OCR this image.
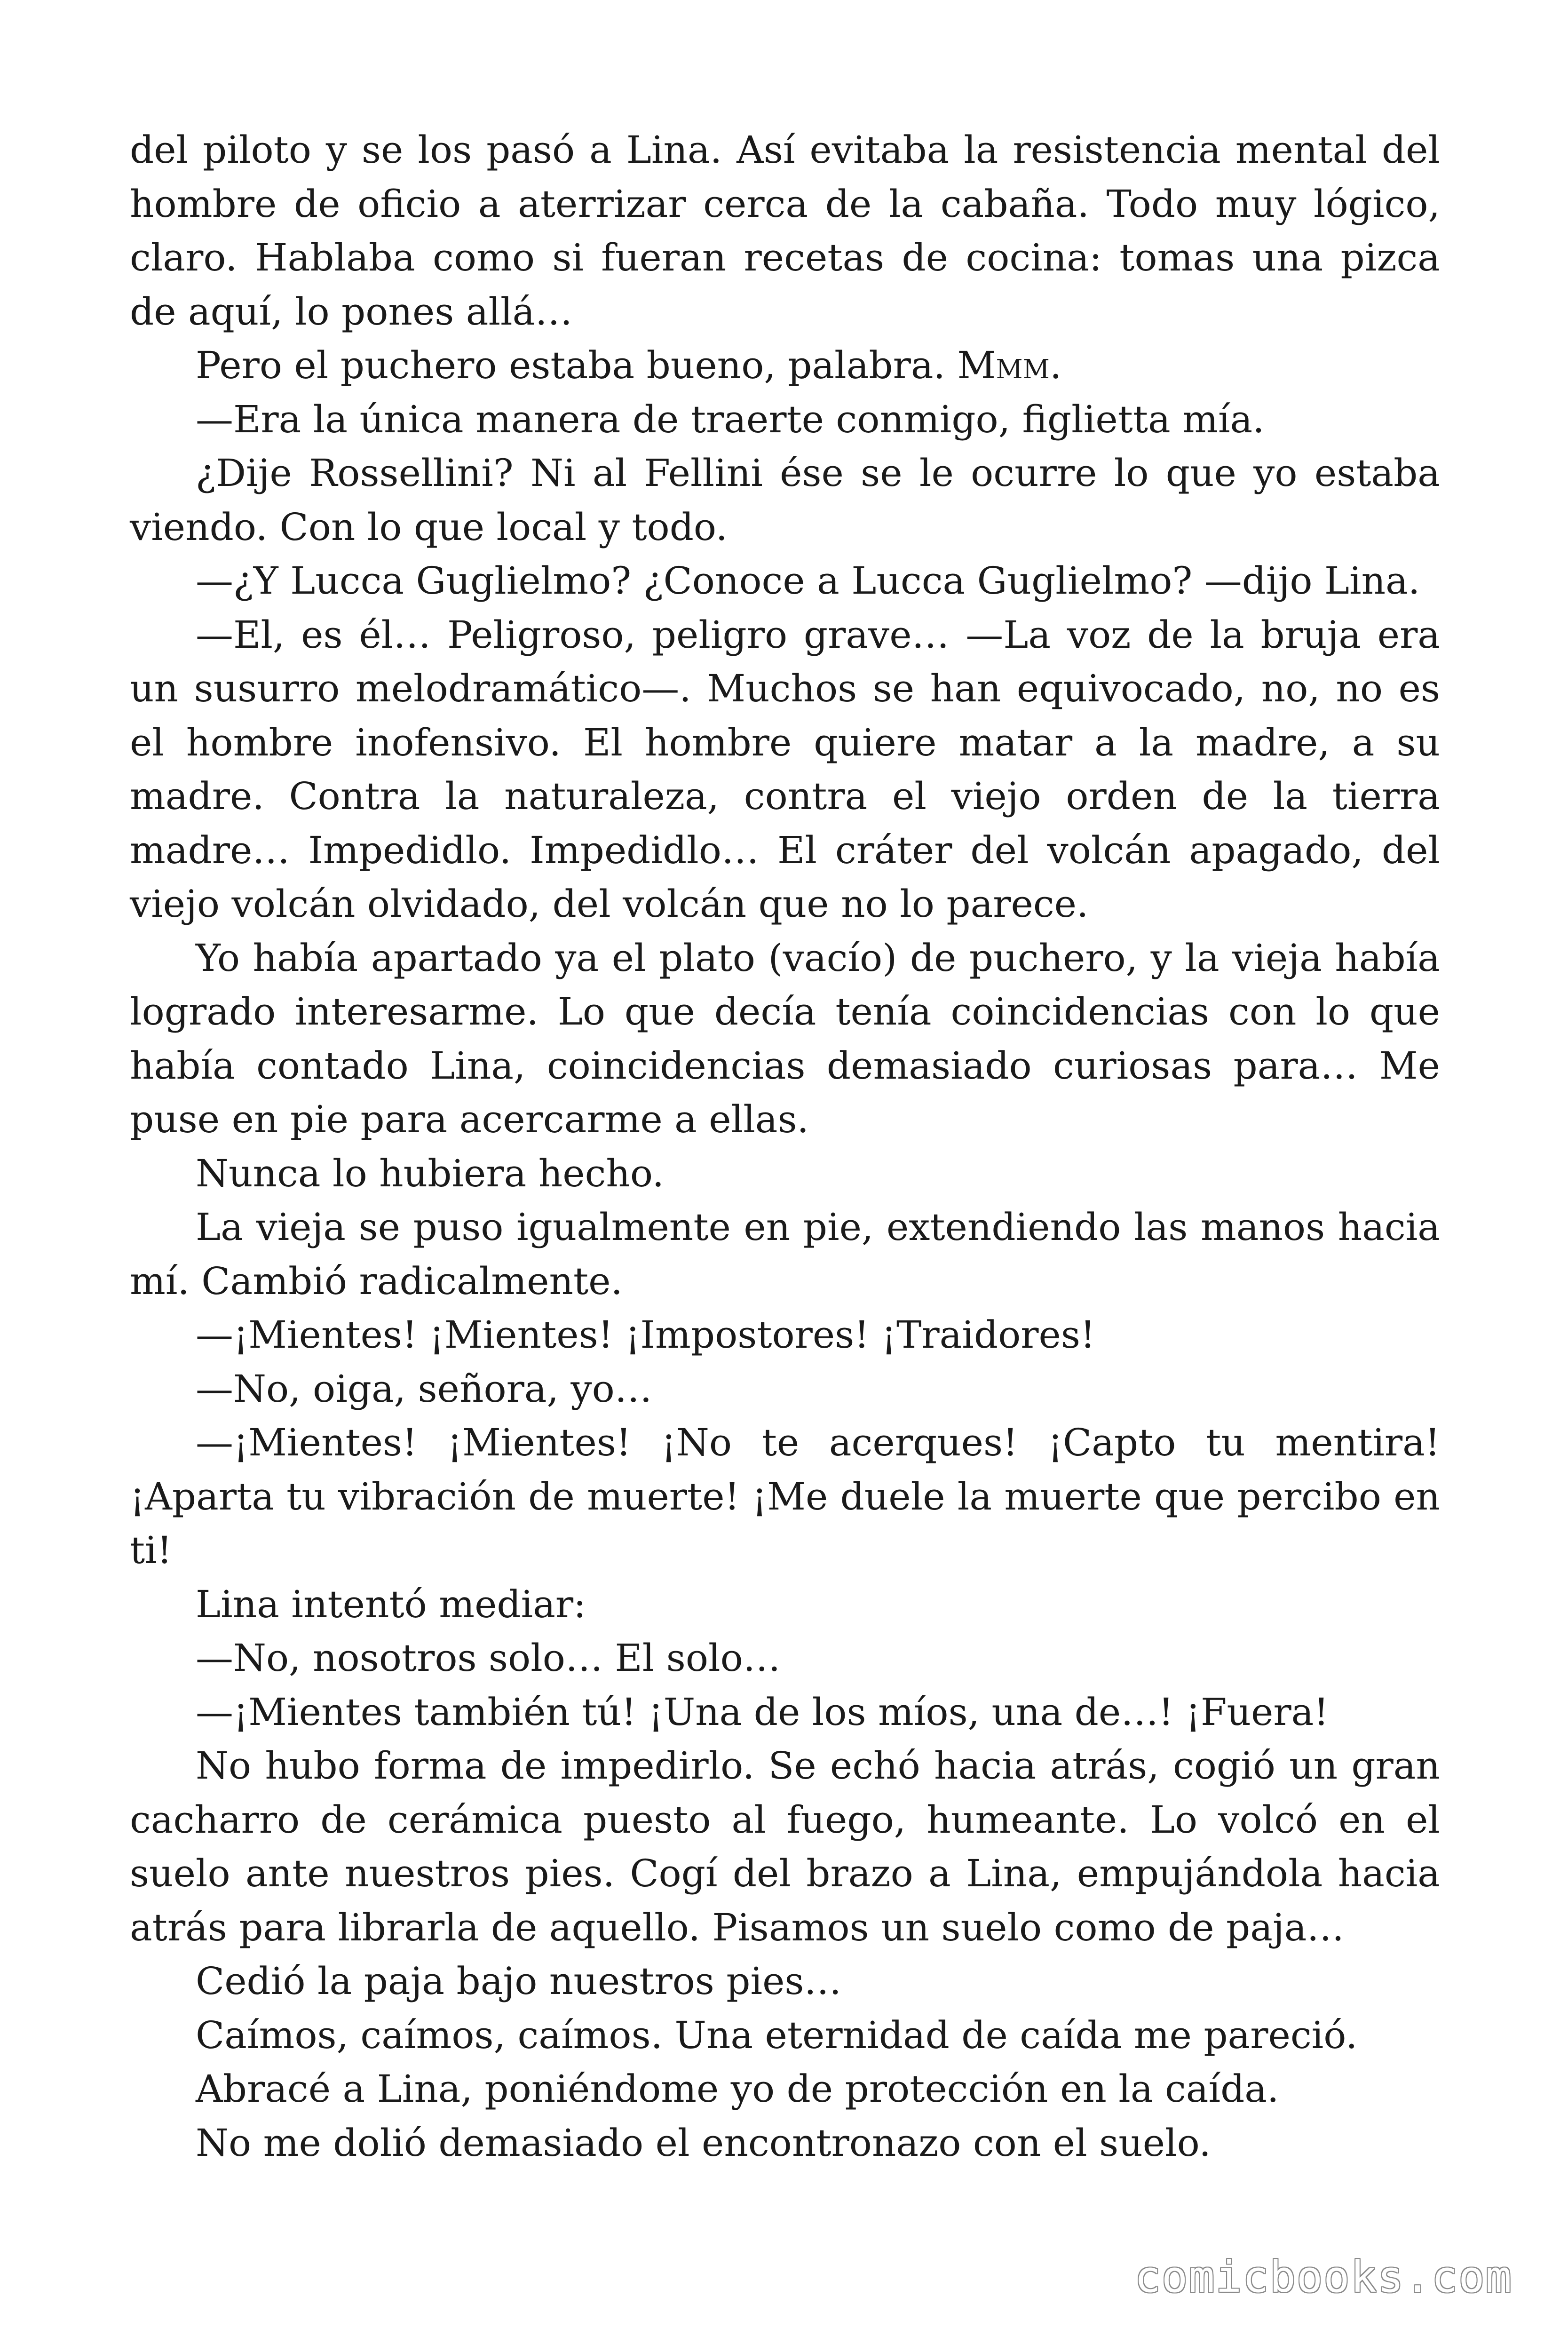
del piloto y se los pasó a Lina. Así evitaba la resistencia mental del hombre de oficio a aterrizar cerca de la cabaña. Todo muy lógico, claro. Hablaba como si fueran recetas de cocina: tomas una pizca de aquí, lo pones allá…

Pero el puchero estaba bueno, palabra. Mmm.

—Era la única manera de traerte conmigo, figlietta mía.

¿Dije Rossellini? Ni al Fellini ése se le ocurre lo que yo estaba viendo. Con lo que local y todo.

—¿Y Lucca Guglielmo? ¿Conoce a Lucca Guglielmo? —dijo Lina.

—El, es él… Peligroso, peligro grave… —La voz de la bruja era un susurro melodramático—. Muchos se han equivocado, no, no es el hombre inofensivo. El hombre quiere matar a la madre, a su madre. Contra la naturaleza, contra el viejo orden de la tierra madre… Impedidlo. Impedidlo… El cráter del volcán apagado, del viejo volcán olvidado, del volcán que no lo parece.

Yo había apartado ya el plato (vacío) de puchero, y la vieja había logrado interesarme. Lo que decía tenía coincidencias con lo que había contado Lina, coincidencias demasiado curiosas para… Me puse en pie para acercarme a ellas.

Nunca lo hubiera hecho.

La vieja se puso igualmente en pie, extendiendo las manos hacia mí. Cambió radicalmente.

—¡Mientes! ¡Mientes! ¡Impostores! ¡Traidores!

—No, oiga, señora, yo…

—¡Mientes! ¡Mientes! ¡No te acerques! ¡Capto tu mentira! ¡Aparta tu vibración de muerte! ¡Me duele la muerte que percibo en ti!

Lina intentó mediar:

—No, nosotros solo… El solo…

—¡Mientes también tú! ¡Una de los míos, una de…! ¡Fuera!

No hubo forma de impedirlo. Se echó hacia atrás, cogió un gran cacharro de cerámica puesto al fuego, humeante. Lo volcó en el suelo ante nuestros pies. Cogí del brazo a Lina, empujándola hacia atrás para librarla de aquello. Pisamos un suelo como de paja…

Cedió la paja bajo nuestros pies…

Caímos, caímos, caímos. Una eternidad de caída me pareció.

Abracé a Lina, poniéndome yo de protección en la caída.

No me dolió demasiado el encontronazo con el suelo.

comicbooks.com
